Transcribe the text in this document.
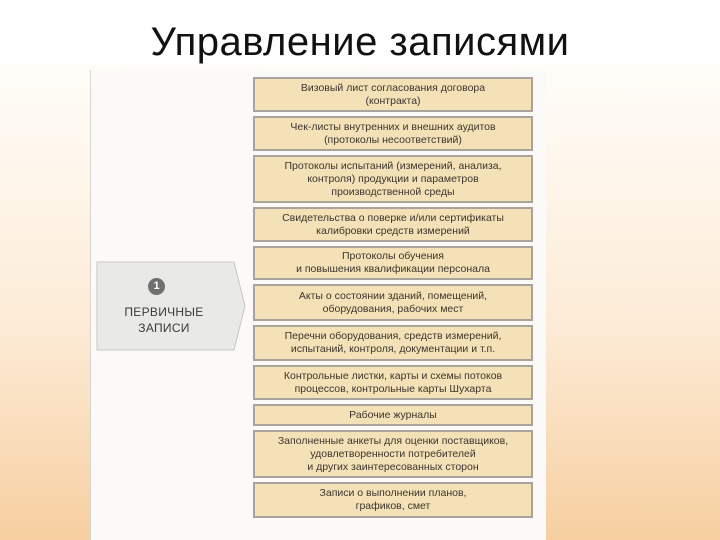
Управление записями
1
ПЕРВИЧНЫЕ
ЗАПИСИ
Визовый лист согласования договора
(контракта)
Чек-листы внутренних и внешних аудитов
(протоколы несоответствий)
Протоколы испытаний (измерений, анализа,
контроля) продукции и параметров
производственной среды
Свидетельства о поверке и/или сертификаты
калибровки средств измерений
Протоколы обучения
и повышения квалификации персонала
Акты о состоянии зданий, помещений,
оборудования, рабочих мест
Перечни оборудования, средств измерений,
испытаний, контроля, документации и т.п.
Контрольные листки, карты и схемы потоков
процессов, контрольные карты Шухарта
Рабочие журналы
Заполненные анкеты для оценки поставщиков,
удовлетворенности потребителей
и других заинтересованных сторон
Записи о выполнении планов,
графиков, смет
